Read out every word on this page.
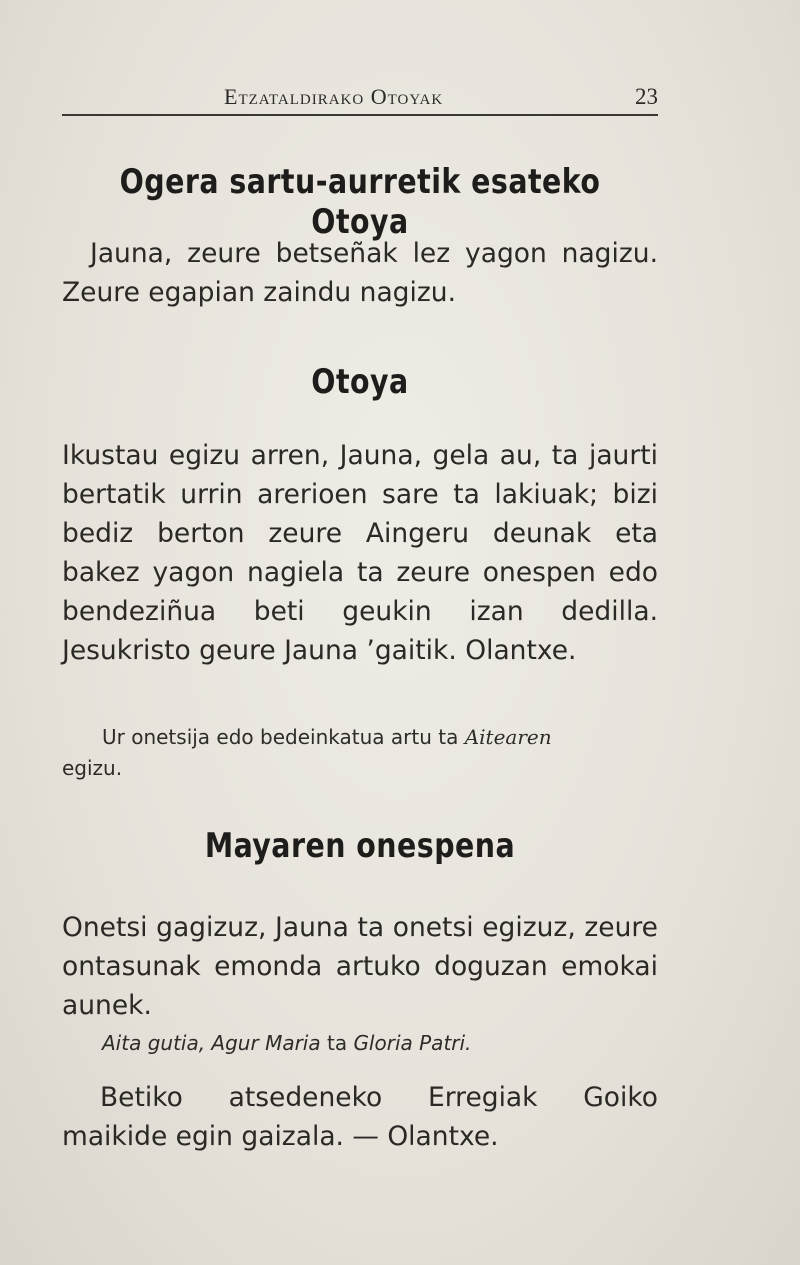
Etzataldirako Otoyak	23
Ogera sartu-aurretik esateko Otoya

Jauna, zeure betseñak lez yagon nagizu. Zeure egapian zaindu nagizu.

Otoya

Ikustau egizu arren, Jauna, gela au, ta jaurti bertatik urrin arerioen sare ta lakiuak; bizi bediz berton zeure Aingeru deunak eta bakez yagon nagiela ta zeure onespen edo bendeziñua beti geukin izan dedilla. Jesukristo geure Jauna ’gaitik. Olantxe.

Ur onetsija edo bedeinkatua artu ta Aitearen
egizu.

Mayaren onespena

Onetsi gagizuz, Jauna ta onetsi egizuz, zeure ontasunak emonda artuko doguzan emokai aunek.

Aita gutia, Agur Maria ta Gloria Patri.

Betiko atsedeneko Erregiak Goiko maikide egin gaizala. — Olantxe.
